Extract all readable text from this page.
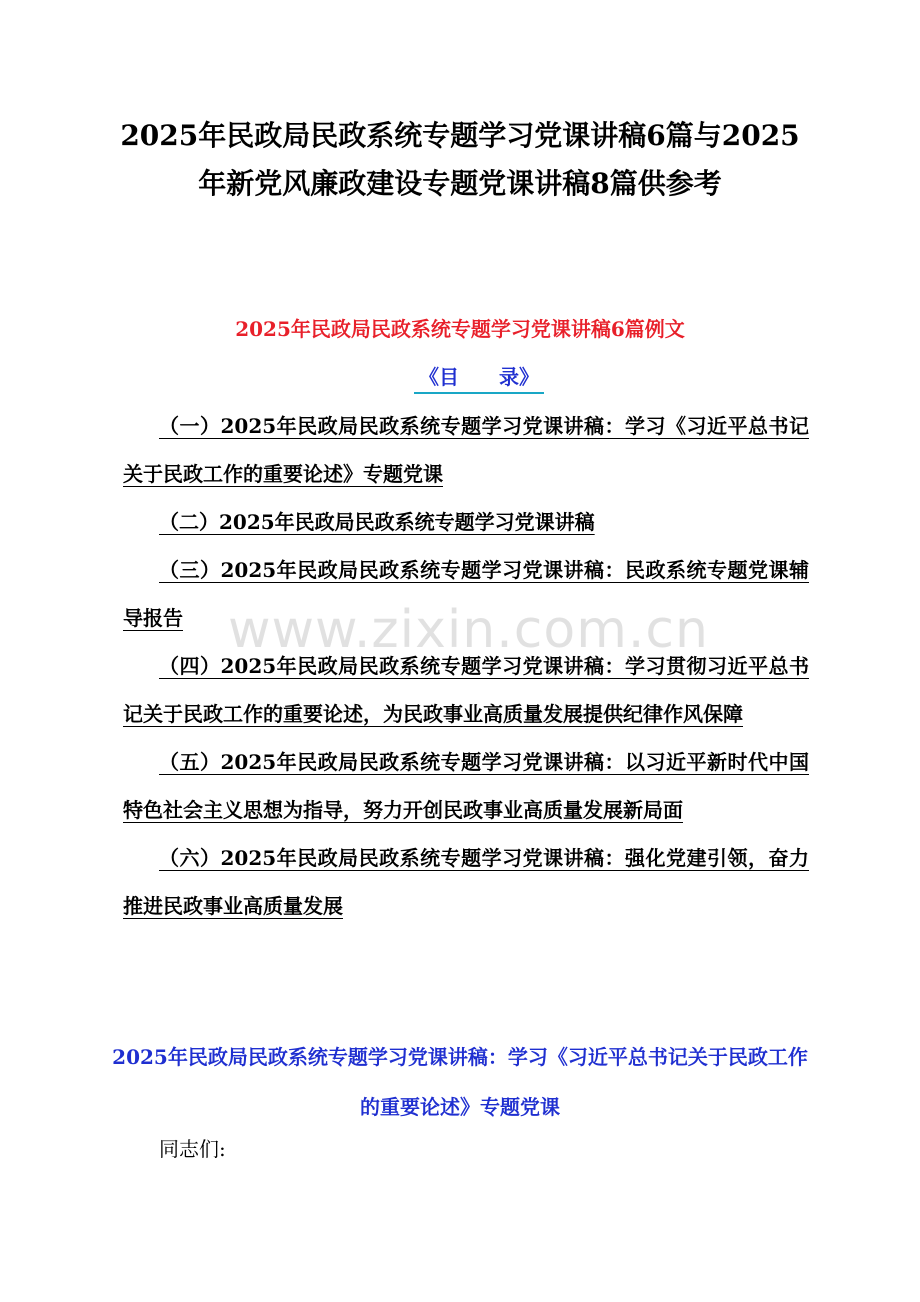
2025年民政局民政系统专题学习党课讲稿6篇与2025年新党风廉政建设专题党课讲稿8篇供参考
2025年民政局民政系统专题学习党课讲稿6篇例文
《目 录》
（一）2025年民政局民政系统专题学习党课讲稿：学习《习近平总书记关于民政工作的重要论述》专题党课
（二）2025年民政局民政系统专题学习党课讲稿
（三）2025年民政局民政系统专题学习党课讲稿：民政系统专题党课辅导报告
（四）2025年民政局民政系统专题学习党课讲稿：学习贯彻习近平总书记关于民政工作的重要论述，为民政事业高质量发展提供纪律作风保障
（五）2025年民政局民政系统专题学习党课讲稿：以习近平新时代中国特色社会主义思想为指导，努力开创民政事业高质量发展新局面
（六）2025年民政局民政系统专题学习党课讲稿：强化党建引领，奋力推进民政事业高质量发展
www.zixin.com.cn
2025年民政局民政系统专题学习党课讲稿：学习《习近平总书记关于民政工作的重要论述》专题党课
同志们:
